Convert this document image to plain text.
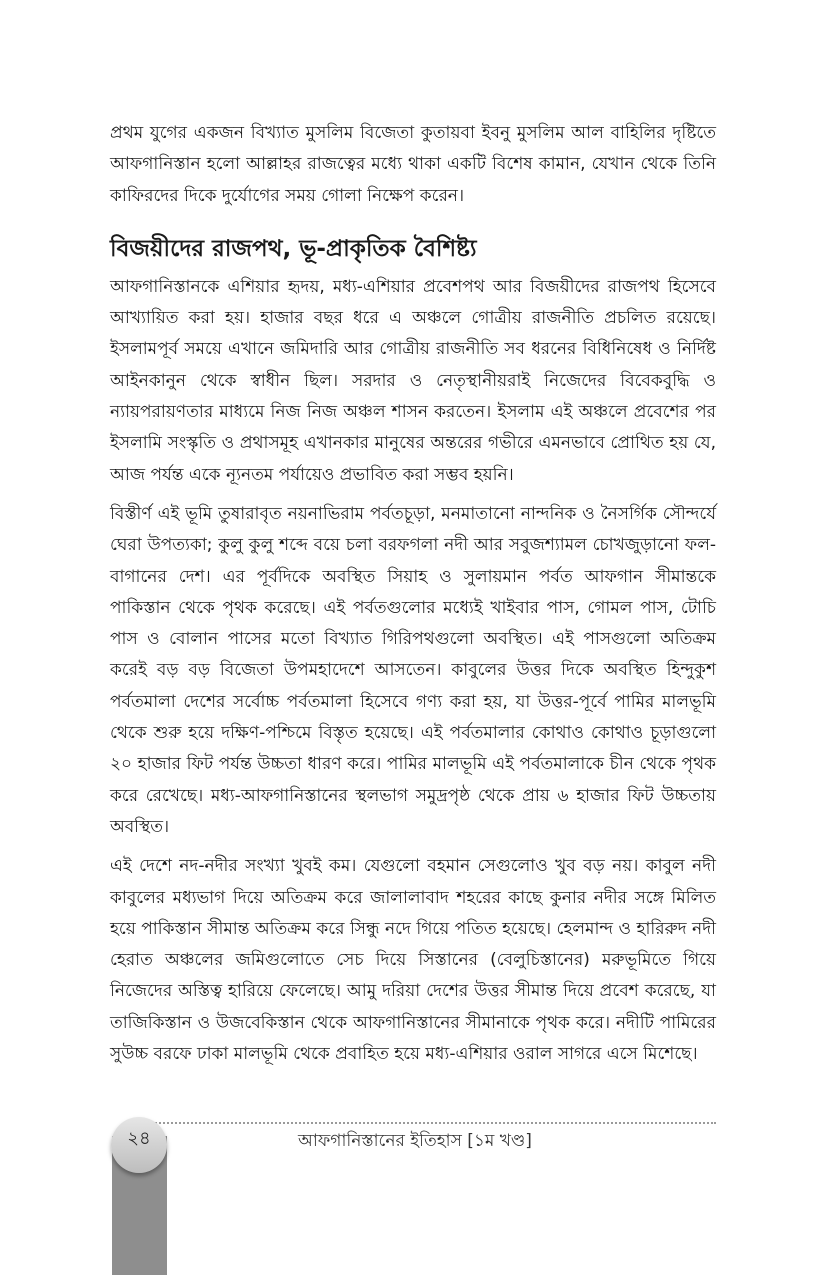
প্রথম যুগের একজন বিখ্যাত মুসলিম বিজেতা কুতায়বা ইবনু মুসলিম আল বাহিলির দৃষ্টিতে আফগানিস্তান হলো আল্লাহর রাজত্বের মধ্যে থাকা একটি বিশেষ কামান, যেখান থেকে তিনি কাফিরদের দিকে দুর্যোগের সময় গোলা নিক্ষেপ করেন।

বিজয়ীদের রাজপথ, ভূ-প্রাকৃতিক বৈশিষ্ট্য

আফগানিস্তানকে এশিয়ার হৃদয়, মধ্য-এশিয়ার প্রবেশপথ আর বিজয়ীদের রাজপথ হিসেবে আখ্যায়িত করা হয়। হাজার বছর ধরে এ অঞ্চলে গোত্রীয় রাজনীতি প্রচলিত রয়েছে। ইসলামপূর্ব সময়ে এখানে জমিদারি আর গোত্রীয় রাজনীতি সব ধরনের বিধিনিষেধ ও নির্দিষ্ট আইনকানুন থেকে স্বাধীন ছিল। সরদার ও নেতৃস্থানীয়রাই নিজেদের বিবেকবুদ্ধি ও ন্যায়পরায়ণতার মাধ্যমে নিজ নিজ অঞ্চল শাসন করতেন। ইসলাম এই অঞ্চলে প্রবেশের পর ইসলামি সংস্কৃতি ও প্রথাসমূহ এখানকার মানুষের অন্তরের গভীরে এমনভাবে প্রোথিত হয় যে, আজ পর্যন্ত একে ন্যূনতম পর্যায়েও প্রভাবিত করা সম্ভব হয়নি।

বিস্তীর্ণ এই ভূমি তুষারাবৃত নয়নাভিরাম পর্বতচূড়া, মনমাতানো নান্দনিক ও নৈসর্গিক সৌন্দর্যে ঘেরা উপত্যকা; কুলু কুলু শব্দে বয়ে চলা বরফগলা নদী আর সবুজশ্যামল চোখজুড়ানো ফল-বাগানের দেশ। এর পূর্বদিকে অবস্থিত সিয়াহ ও সুলায়মান পর্বত আফগান সীমান্তকে পাকিস্তান থেকে পৃথক করেছে। এই পর্বতগুলোর মধ্যেই খাইবার পাস, গোমল পাস, টোচি পাস ও বোলান পাসের মতো বিখ্যাত গিরিপথগুলো অবস্থিত। এই পাসগুলো অতিক্রম করেই বড় বড় বিজেতা উপমহাদেশে আসতেন। কাবুলের উত্তর দিকে অবস্থিত হিন্দুকুশ পর্বতমালা দেশের সর্বোচ্চ পর্বতমালা হিসেবে গণ্য করা হয়, যা উত্তর-পূর্বে পামির মালভূমি থেকে শুরু হয়ে দক্ষিণ-পশ্চিমে বিস্তৃত হয়েছে। এই পর্বতমালার কোথাও কোথাও চূড়াগুলো ২০ হাজার ফিট পর্যন্ত উচ্চতা ধারণ করে। পামির মালভূমি এই পর্বতমালাকে চীন থেকে পৃথক করে রেখেছে। মধ্য-আফগানিস্তানের স্থলভাগ সমুদ্রপৃষ্ঠ থেকে প্রায় ৬ হাজার ফিট উচ্চতায় অবস্থিত।

এই দেশে নদ-নদীর সংখ্যা খুবই কম। যেগুলো বহমান সেগুলোও খুব বড় নয়। কাবুল নদী কাবুলের মধ্যভাগ দিয়ে অতিক্রম করে জালালাবাদ শহরের কাছে কুনার নদীর সঙ্গে মিলিত হয়ে পাকিস্তান সীমান্ত অতিক্রম করে সিন্ধু নদে গিয়ে পতিত হয়েছে। হেলমান্দ ও হারিরুদ নদী হেরাত অঞ্চলের জমিগুলোতে সেচ দিয়ে সিস্তানের (বেলুচিস্তানের) মরুভূমিতে গিয়ে নিজেদের অস্তিত্ব হারিয়ে ফেলেছে। আমু দরিয়া দেশের উত্তর সীমান্ত দিয়ে প্রবেশ করেছে, যা তাজিকিস্তান ও উজবেকিস্তান থেকে আফগানিস্তানের সীমানাকে পৃথক করে। নদীটি পামিরের সুউচ্চ বরফে ঢাকা মালভূমি থেকে প্রবাহিত হয়ে মধ্য-এশিয়ার ওরাল সাগরে এসে মিশেছে।

২৪	আফগানিস্তানের ইতিহাস [১ম খণ্ড]
